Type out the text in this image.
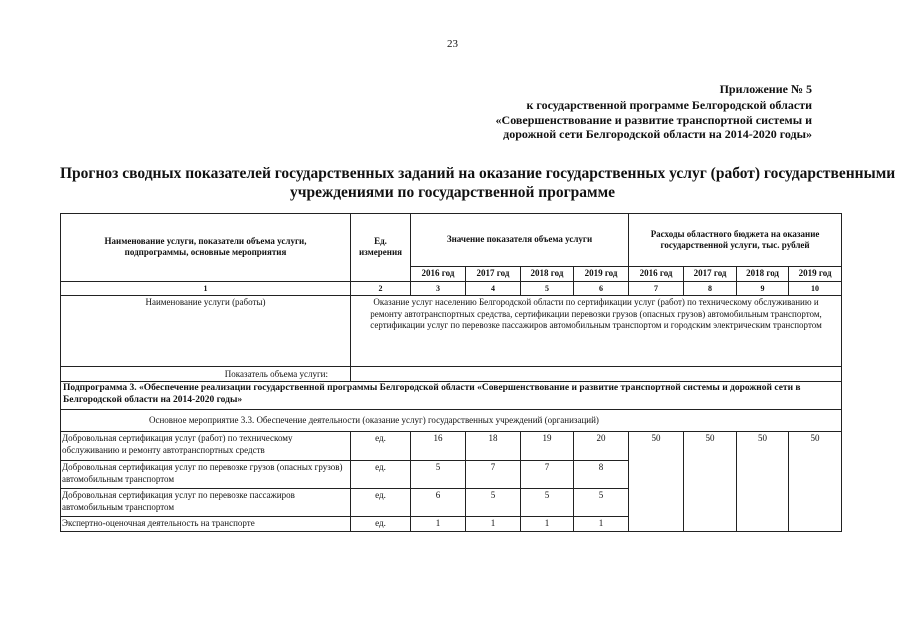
23
Приложение № 5
к государственной программе Белгородской области
«Совершенствование и развитие транспортной системы и
дорожной сети Белгородской области на 2014-2020 годы»
Прогноз сводных показателей государственных заданий на оказание государственных услуг (работ) государственными
учреждениями по государственной программе
Наименование услуги, показатели объема услуги, подпрограммы, основные мероприятия	Ед. измерения	Значение показателя объема услуги				Расходы областного бюджета на оказание государственной услуги, тыс. рублей			
		2016 год	2017 год	2018 год	2019 год	2016 год	2017 год	2018 год	2019 год
1	2	3	4	5	6	7	8	9	10
Наименование услуги (работы)	Оказание услуг населению Белгородской области по сертификации услуг (работ) по техническому обслуживанию и ремонту автотранспортных средства, сертификации перевозки грузов (опасных грузов) автомобильным транспортом, сертификации услуг по перевозке пассажиров автомобильным транспортом и городским электрическим транспортом								
Показатель объема услуги:									
Подпрограмма 3. «Обеспечение реализации государственной программы Белгородской области «Совершенствование и развитие транспортной системы и дорожной сети в Белгородской области на 2014-2020 годы»									
Основное мероприятие 3.3. Обеспечение деятельности (оказание услуг) государственных учреждений (организаций)									
Добровольная сертификация услуг (работ) по техническому обслуживанию и ремонту автотранспортных средств	ед.	16	18	19	20	50	50	50	50
Добровольная сертификация услуг по перевозке грузов (опасных грузов) автомобильным транспортом	ед.	5	7	7	8				
Добровольная сертификация услуг по перевозке пассажиров автомобильным транспортом	ед.	6	5	5	5				
Экспертно-оценочная деятельность на транспорте	ед.	1	1	1	1				
